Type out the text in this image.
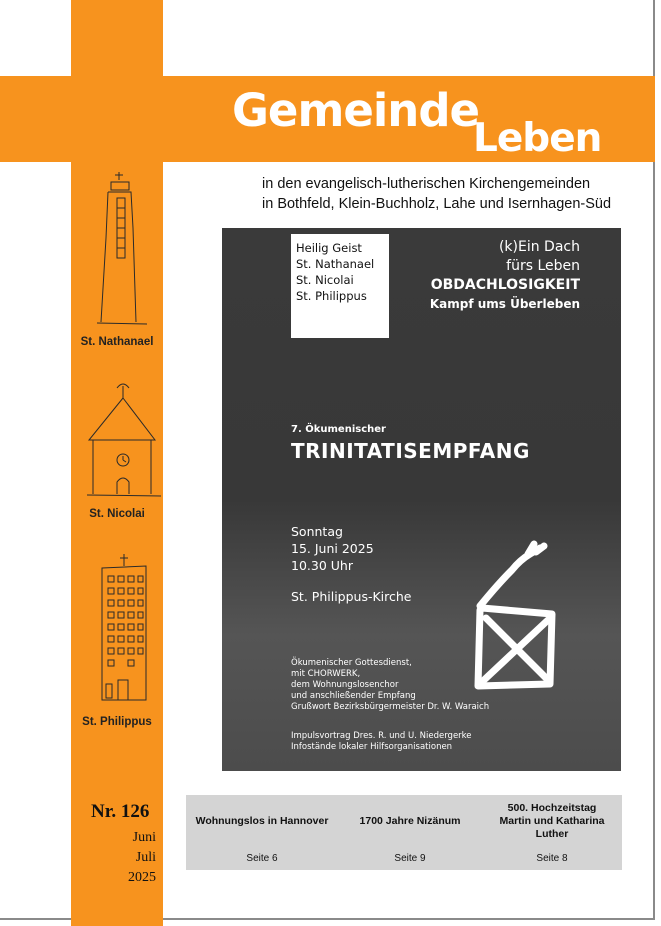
Gemeinde
Leben
in den evangelisch-lutherischen Kirchengemeinden
in Bothfeld, Klein-Buchholz, Lahe und Isernhagen-Süd
St. Nathanael
St. Nicolai
St. Philippus
Nr. 126
Juni
Juli
2025
Heilig Geist
St. Nathanael
St. Nicolai
St. Philippus
(k)Ein Dach
fürs Leben
OBDACHLOSIGKEIT
Kampf ums Überleben
7. Ökumenischer
TRINITATISEMPFANG
Sonntag
15. Juni 2025
10.30 Uhr
St. Philippus-Kirche
Ökumenischer Gottesdienst,
mit CHORWERK,
dem Wohnungslosenchor
und anschließender Empfang
Grußwort Bezirksbürgermeister Dr. W. Waraich
Impulsvortrag Dres. R. und U. Niedergerke
Infostände lokaler Hilfsorganisationen
Wohnungslos in Hannover
Seite 6
1700 Jahre Nizänum
Seite 9
500. Hochzeitstag
Martin und Katharina
Luther
Seite 8
